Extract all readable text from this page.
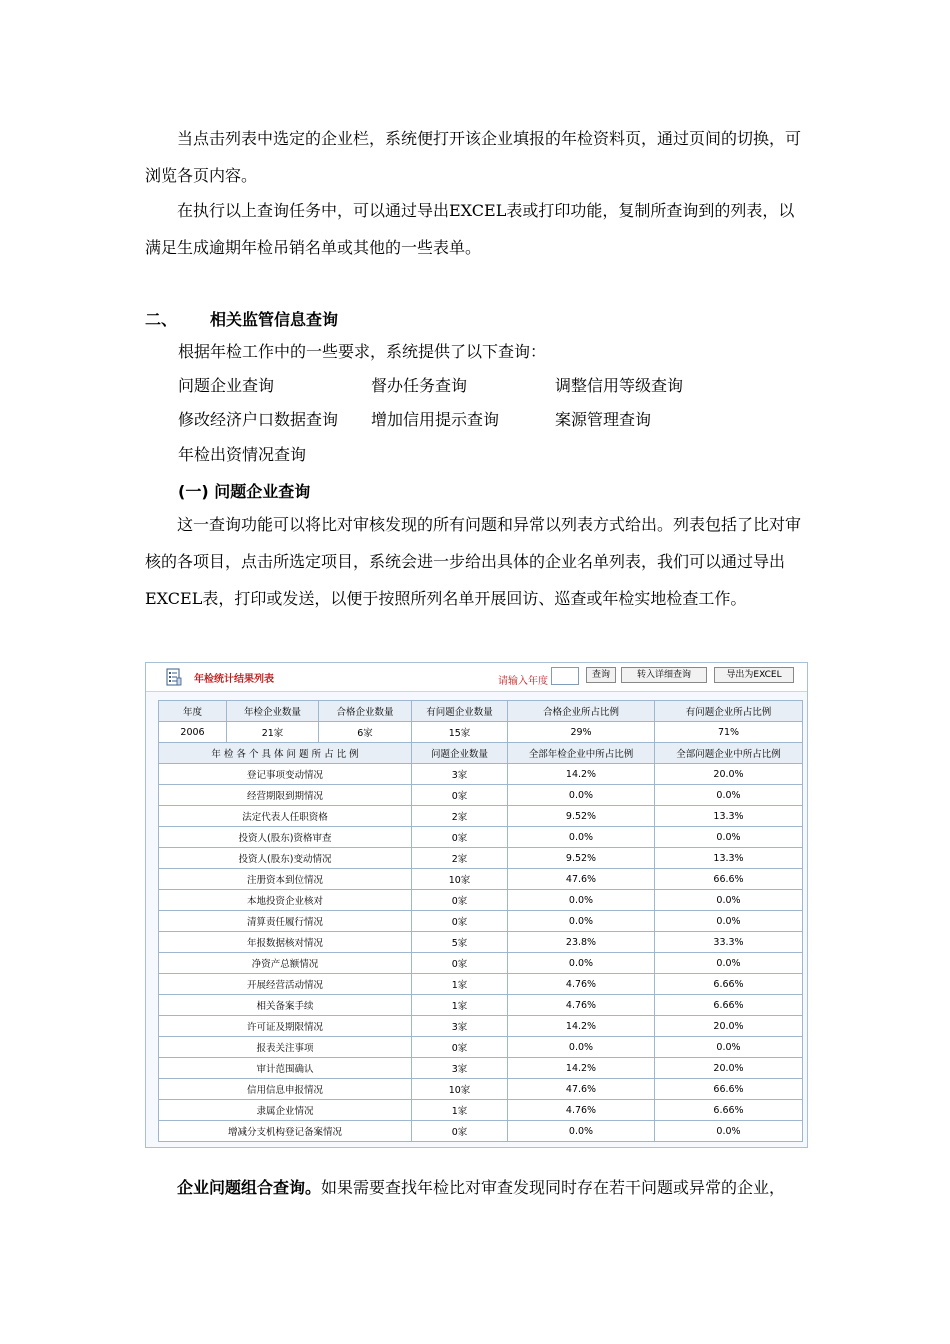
当点击列表中选定的企业栏，系统便打开该企业填报的年检资料页，通过页间的切换，可浏览各页内容。

在执行以上查询任务中，可以通过导出EXCEL表或打印功能，复制所查询到的列表，以满足生成逾期年检吊销名单或其他的一些表单。

二、 相关监管信息查询
根据年检工作中的一些要求，系统提供了以下查询：
问题企业查询	督办任务查询	调整信用等级查询
修改经济户口数据查询 增加信用提示查询	案源管理查询
年检出资情况查询
(一) 问题企业查询

这一查询功能可以将比对审核发现的所有问题和异常以列表方式给出。列表包括了比对审核的各项目，点击所选定项目，系统会进一步给出具体的企业名单列表，我们可以通过导出EXCEL表，打印或发送，以便于按照所列名单开展回访、巡查或年检实地检查工作。

年检统计结果列表	请输入年度
查询	转入详细查询	导出为EXCEL
年度	年检企业数量	合格企业数量	有问题企业数量	合格企业所占比例	有问题企业所占比例
2006	21家	6家	15家	29%	71%
年 检 各 个 具 体 问 题 所 占 比 例			问题企业数量	全部年检企业中所占比例	全部问题企业中所占比例
登记事项变动情况			3家	14.2%	20.0%
经营期限到期情况			0家	0.0%	0.0%
法定代表人任职资格			2家	9.52%	13.3%
投资人(股东)资格审查			0家	0.0%	0.0%
投资人(股东)变动情况			2家	9.52%	13.3%
注册资本到位情况			10家	47.6%	66.6%
本地投资企业核对			0家	0.0%	0.0%
清算责任履行情况			0家	0.0%	0.0%
年报数据核对情况			5家	23.8%	33.3%
净资产总额情况			0家	0.0%	0.0%
开展经营活动情况			1家	4.76%	6.66%
相关备案手续			1家	4.76%	6.66%
许可证及期限情况			3家	14.2%	20.0%
报表关注事项			0家	0.0%	0.0%
审计范围确认			3家	14.2%	20.0%
信用信息申报情况			10家	47.6%	66.6%
隶属企业情况			1家	4.76%	6.66%
增减分支机构登记备案情况			0家	0.0%	0.0%

企业问题组合查询。如果需要查找年检比对审查发现同时存在若干问题或异常的企业，
